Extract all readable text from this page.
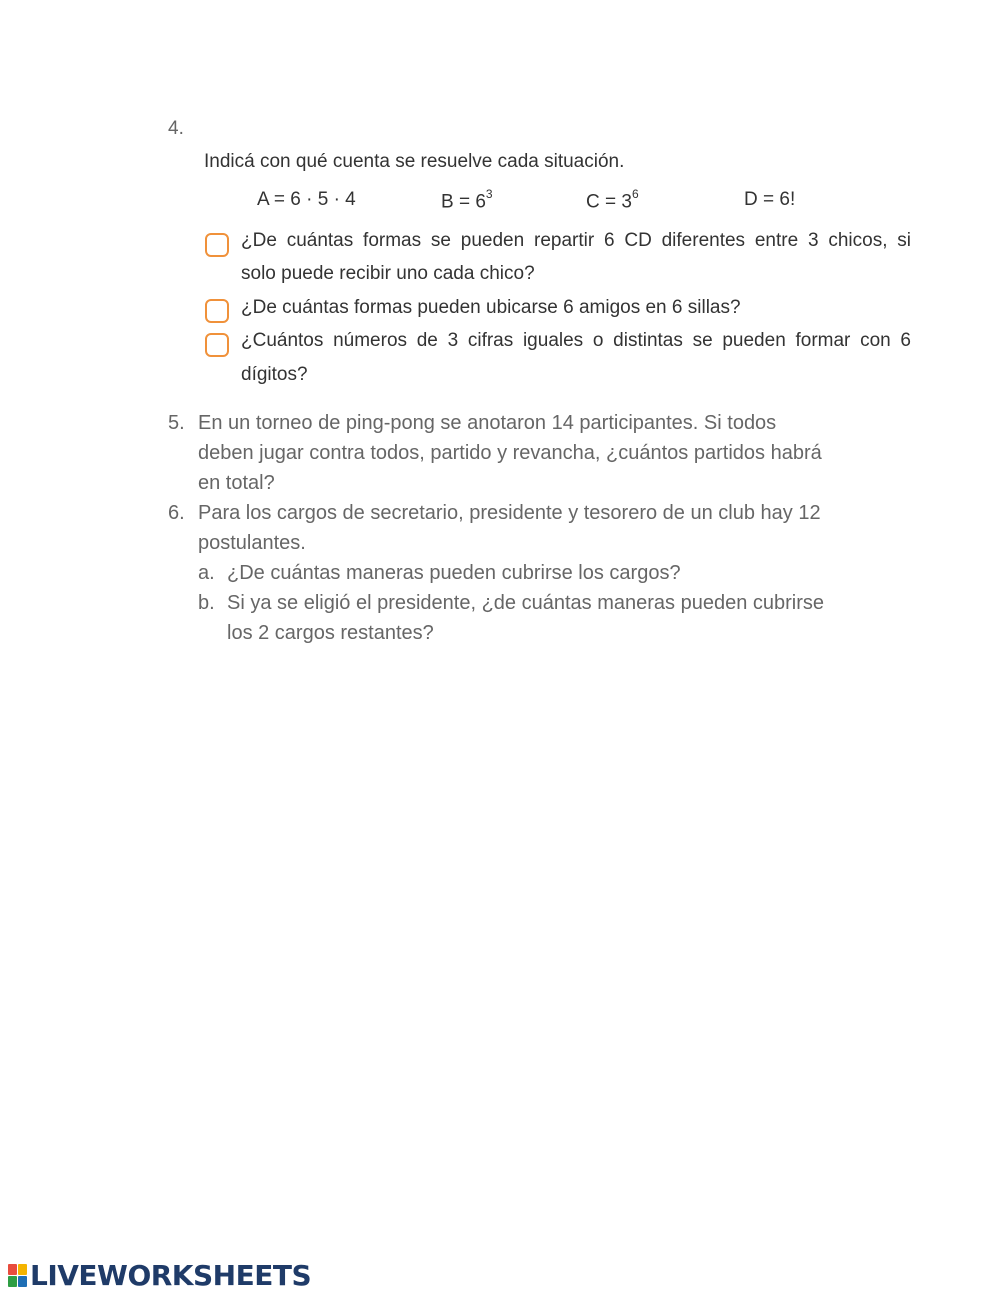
4.
Indicá con qué cuenta se resuelve cada situación.
A = 6 · 5 · 4	$B = 6^3$	$C = 3^6$	D = 6!
¿De cuántas formas se pueden repartir 6 CD diferentes entre 3 chicos, si
solo puede recibir uno cada chico?
¿De cuántas formas pueden ubicarse 6 amigos en 6 sillas?
¿Cuántos números de 3 cifras iguales o distintas se pueden formar con 6
dígitos?
5. En un torneo de ping-pong se anotaron 14 participantes. Si todos
deben jugar contra todos, partido y revancha, ¿cuántos partidos habrá
en total?
6. Para los cargos de secretario, presidente y tesorero de un club hay 12
postulantes.
a. ¿De cuántas maneras pueden cubrirse los cargos?
b. Si ya se eligió el presidente, ¿de cuántas maneras pueden cubrirse
los 2 cargos restantes?
LIVEWORKSHEETS
